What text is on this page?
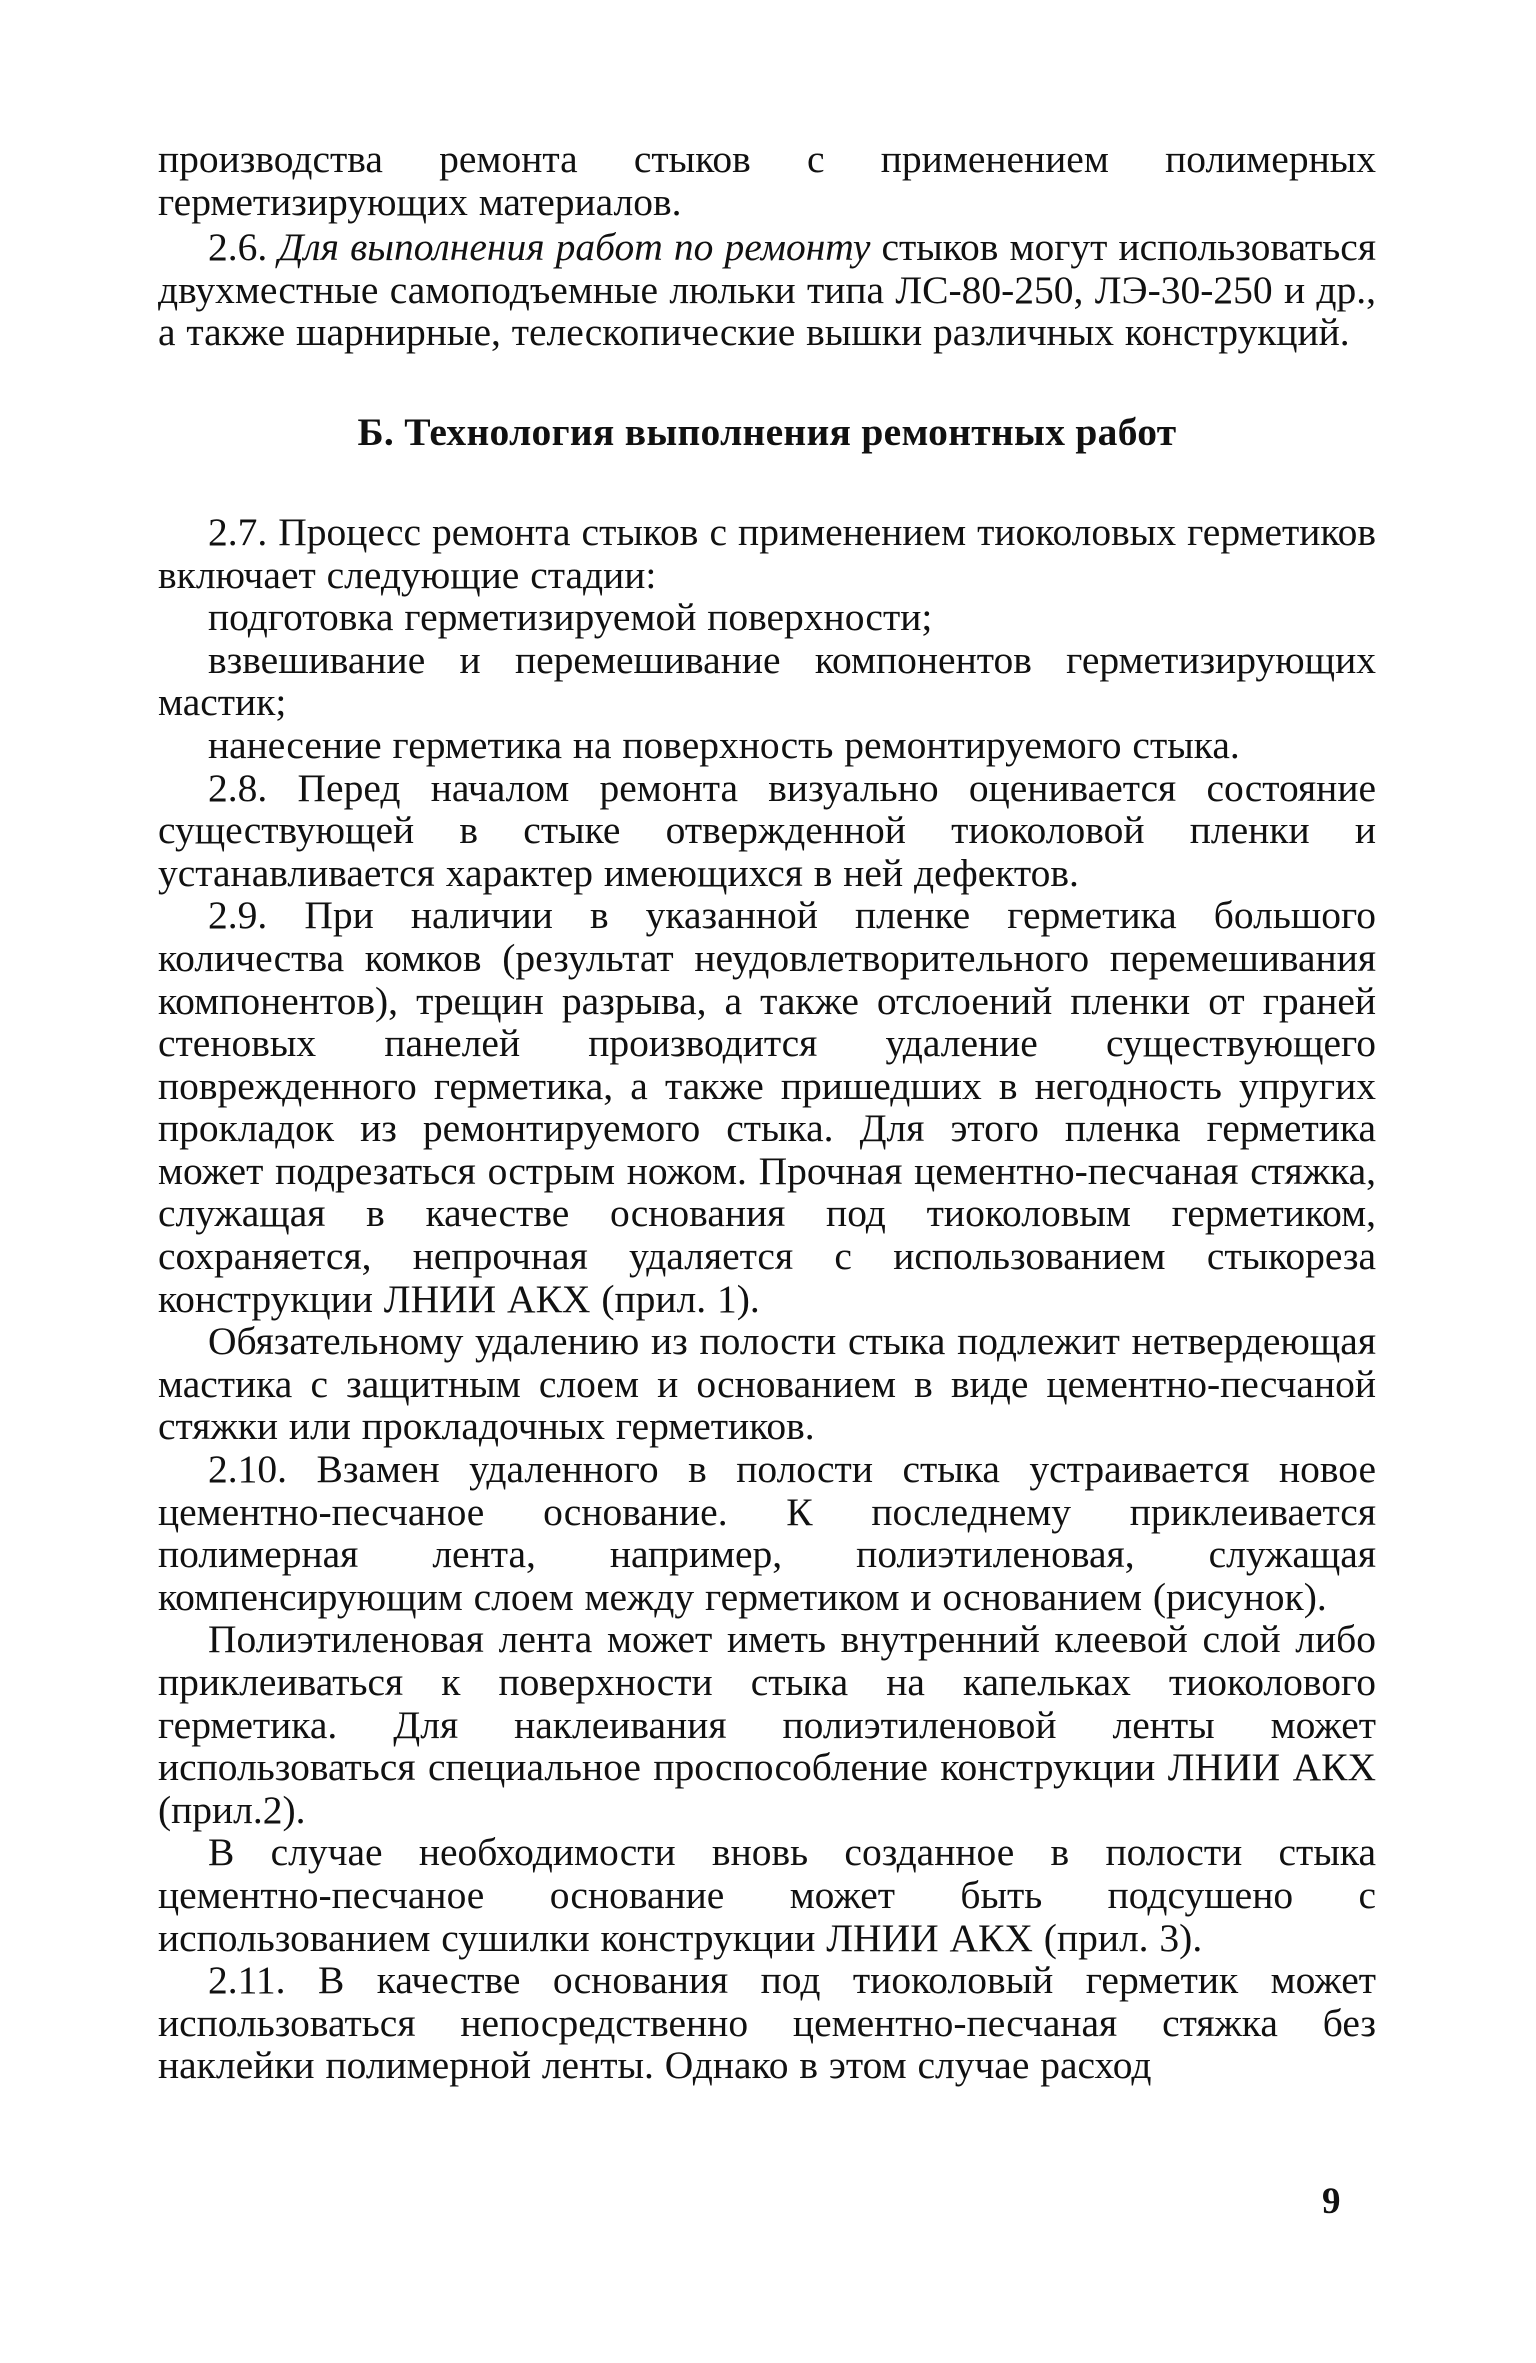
производства ремонта стыков с применением полимерных герметизирующих материалов.

2.6. Для выполнения работ по ремонту стыков могут использоваться двухместные самоподъемные люльки типа ЛС-80-250, ЛЭ-30-250 и др., а также шарнирные, телескопические вышки различных конструкций.

Б. Технология выполнения ремонтных работ

2.7. Процесс ремонта стыков с применением тиоколовых герметиков включает следующие стадии:

подготовка герметизируемой поверхности;

взвешивание и перемешивание компонентов герметизирующих мастик;

нанесение герметика на поверхность ремонтируемого стыка.

2.8. Перед началом ремонта визуально оценивается состояние существующей в стыке отвержденной тиоколовой пленки и устанавливается характер имеющихся в ней дефектов.

2.9. При наличии в указанной пленке герметика большого количества комков (результат неудовлетворительного перемешивания компонентов), трещин разрыва, а также отслоений пленки от граней стеновых панелей производится удаление существующего поврежденного герметика, а также пришедших в негодность упругих прокладок из ремонтируемого стыка. Для этого пленка герметика может подрезаться острым ножом. Прочная цементно-песчаная стяжка, служащая в качестве основания под тиоколовым герметиком, сохраняется, непрочная удаляется с использованием стыкореза конструкции ЛНИИ АКХ (прил. 1).

Обязательному удалению из полости стыка подлежит нетвердеющая мастика с защитным слоем и основанием в виде цементно-песчаной стяжки или прокладочных герметиков.

2.10. Взамен удаленного в полости стыка устраивается новое цементно-песчаное основание. К последнему приклеивается полимерная лента, например, полиэтиленовая, служащая компенсирующим слоем между герметиком и основанием (рисунок).

Полиэтиленовая лента может иметь внутренний клеевой слой либо приклеиваться к поверхности стыка на капельках тиоколового герметика. Для наклеивания полиэтиленовой ленты может использоваться специальное проспособление конструкции ЛНИИ АКХ (прил.2).

В случае необходимости вновь созданное в полости стыка цементно-песчаное основание может быть подсушено с использованием сушилки конструкции ЛНИИ АКХ (прил. 3).

2.11. В качестве основания под тиоколовый герметик может использоваться непосредственно цементно-песчаная стяжка без наклейки полимерной ленты. Однако в этом случае расход

9
